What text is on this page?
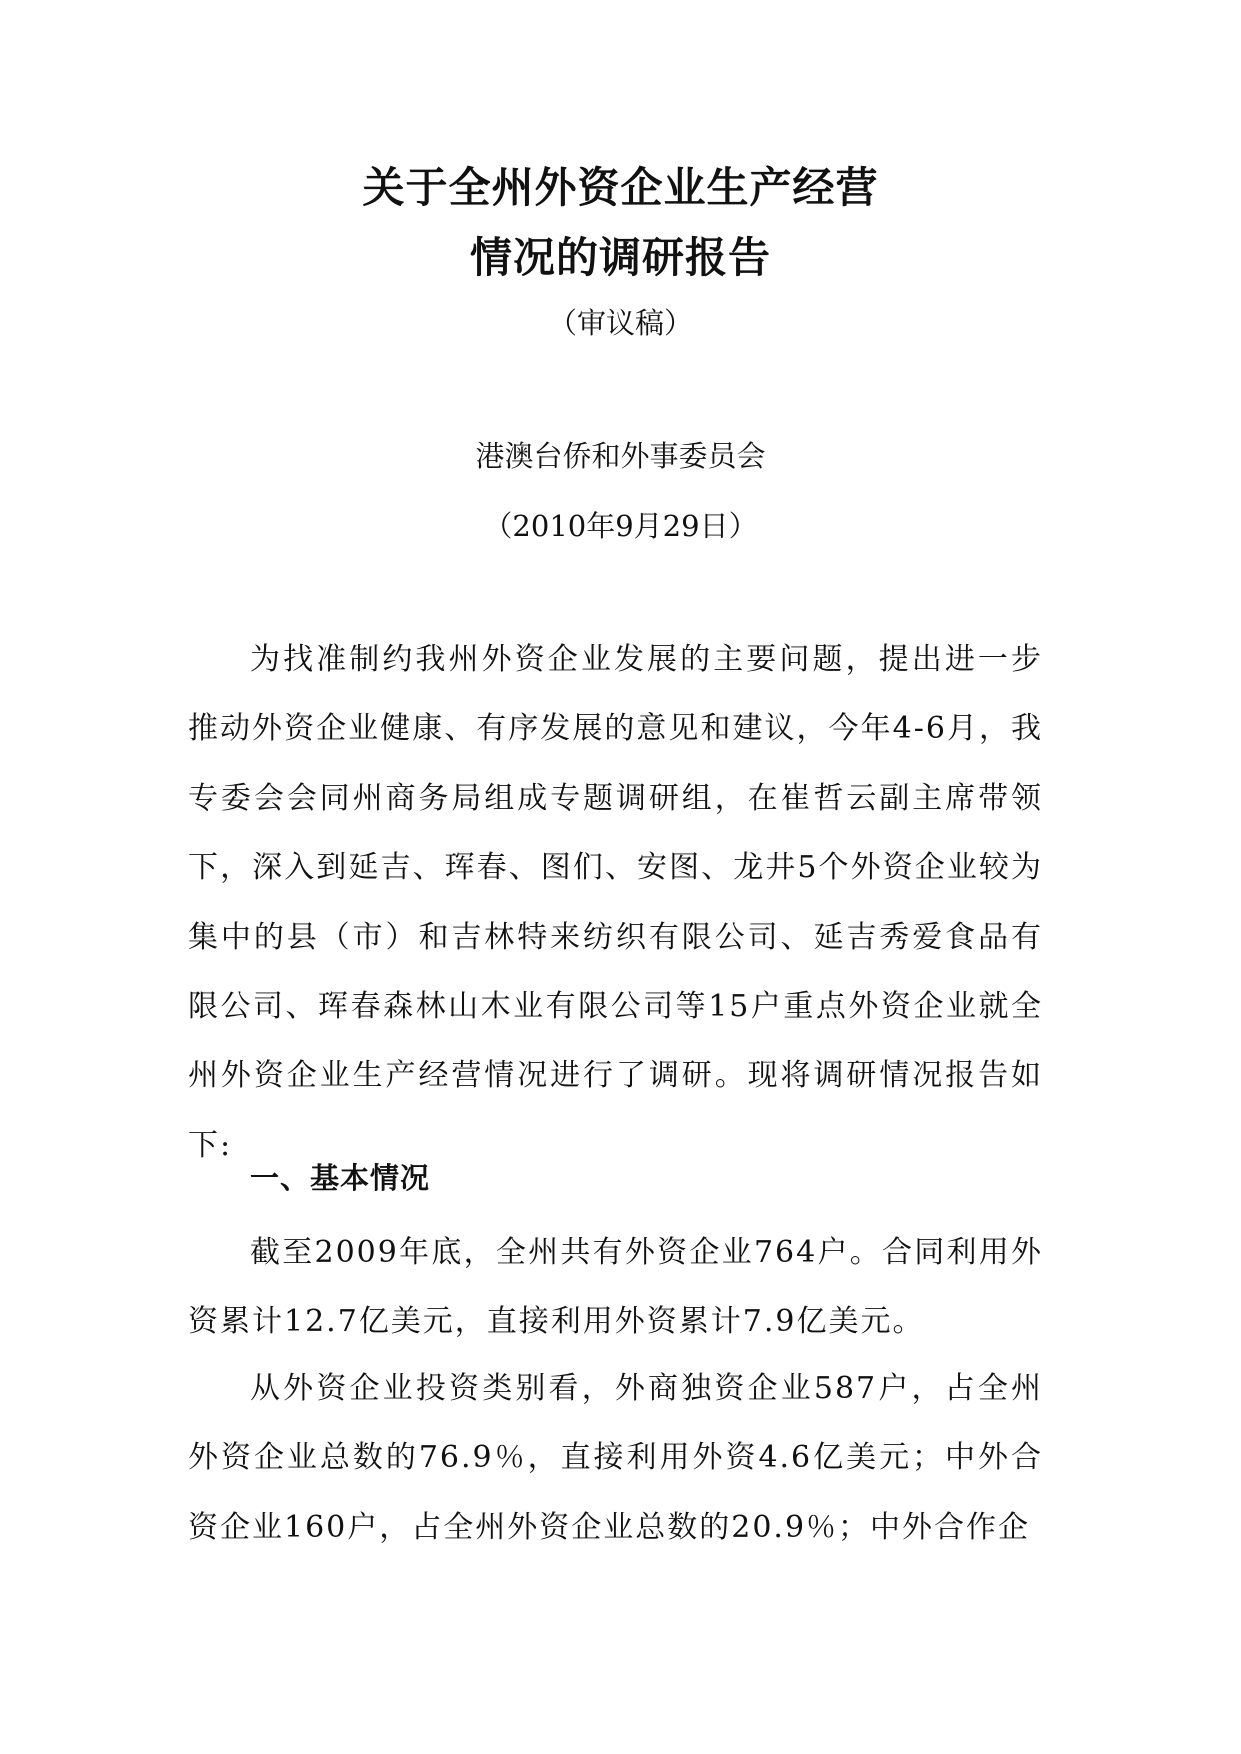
关于全州外资企业生产经营
情况的调研报告
（审议稿）
港澳台侨和外事委员会
（2010年9月29日）

为找准制约我州外资企业发展的主要问题，提出进一步推动外资企业健康、有序发展的意见和建议，今年4-6月，我专委会会同州商务局组成专题调研组，在崔哲云副主席带领下，深入到延吉、珲春、图们、安图、龙井5个外资企业较为集中的县（市）和吉林特来纺织有限公司、延吉秀爱食品有限公司、珲春森林山木业有限公司等15户重点外资企业就全州外资企业生产经营情况进行了调研。现将调研情况报告如下:

一、基本情况

截至2009年底，全州共有外资企业764户。合同利用外资累计12.7亿美元，直接利用外资累计7.9亿美元。

从外资企业投资类别看，外商独资企业587户，占全州外资企业总数的76.9％，直接利用外资4.6亿美元；中外合资企业160户，占全州外资企业总数的20.9％；中外合作企
